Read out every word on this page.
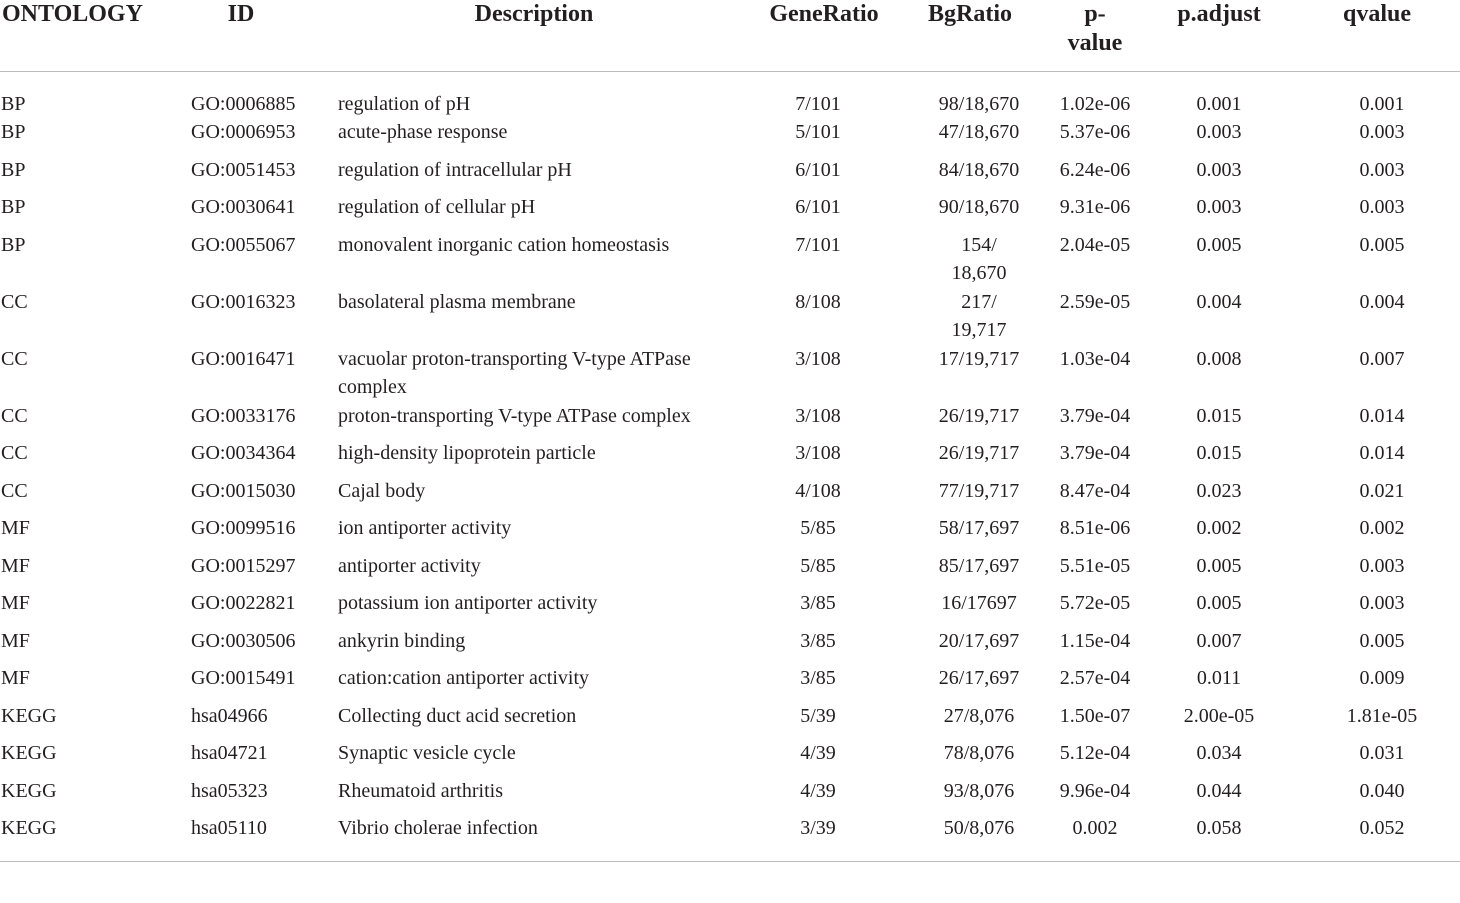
ONTOLOGY	ID	Description	GeneRatio	BgRatio	p-
value	p.adjust	qvalue
BP	GO:0006885	regulation of pH	7/101	98/18,670	1.02e-06	0.001	0.001
BP	GO:0006953	acute-phase response	5/101	47/18,670	5.37e-06	0.003	0.003
BP	GO:0051453	regulation of intracellular pH	6/101	84/18,670	6.24e-06	0.003	0.003
BP	GO:0030641	regulation of cellular pH	6/101	90/18,670	9.31e-06	0.003	0.003
BP	GO:0055067	monovalent inorganic cation homeostasis	7/101	154/
18,670	2.04e-05	0.005	0.005
CC	GO:0016323	basolateral plasma membrane	8/108	217/
19,717	2.59e-05	0.004	0.004
CC	GO:0016471	vacuolar proton-transporting V-type ATPase complex	3/108	17/19,717	1.03e-04	0.008	0.007
CC	GO:0033176	proton-transporting V-type ATPase complex	3/108	26/19,717	3.79e-04	0.015	0.014
CC	GO:0034364	high-density lipoprotein particle	3/108	26/19,717	3.79e-04	0.015	0.014
CC	GO:0015030	Cajal body	4/108	77/19,717	8.47e-04	0.023	0.021
MF	GO:0099516	ion antiporter activity	5/85	58/17,697	8.51e-06	0.002	0.002
MF	GO:0015297	antiporter activity	5/85	85/17,697	5.51e-05	0.005	0.003
MF	GO:0022821	potassium ion antiporter activity	3/85	16/17697	5.72e-05	0.005	0.003
MF	GO:0030506	ankyrin binding	3/85	20/17,697	1.15e-04	0.007	0.005
MF	GO:0015491	cation:cation antiporter activity	3/85	26/17,697	2.57e-04	0.011	0.009
KEGG	hsa04966	Collecting duct acid secretion	5/39	27/8,076	1.50e-07	2.00e-05	1.81e-05
KEGG	hsa04721	Synaptic vesicle cycle	4/39	78/8,076	5.12e-04	0.034	0.031
KEGG	hsa05323	Rheumatoid arthritis	4/39	93/8,076	9.96e-04	0.044	0.040
KEGG	hsa05110	Vibrio cholerae infection	3/39	50/8,076	0.002	0.058	0.052
